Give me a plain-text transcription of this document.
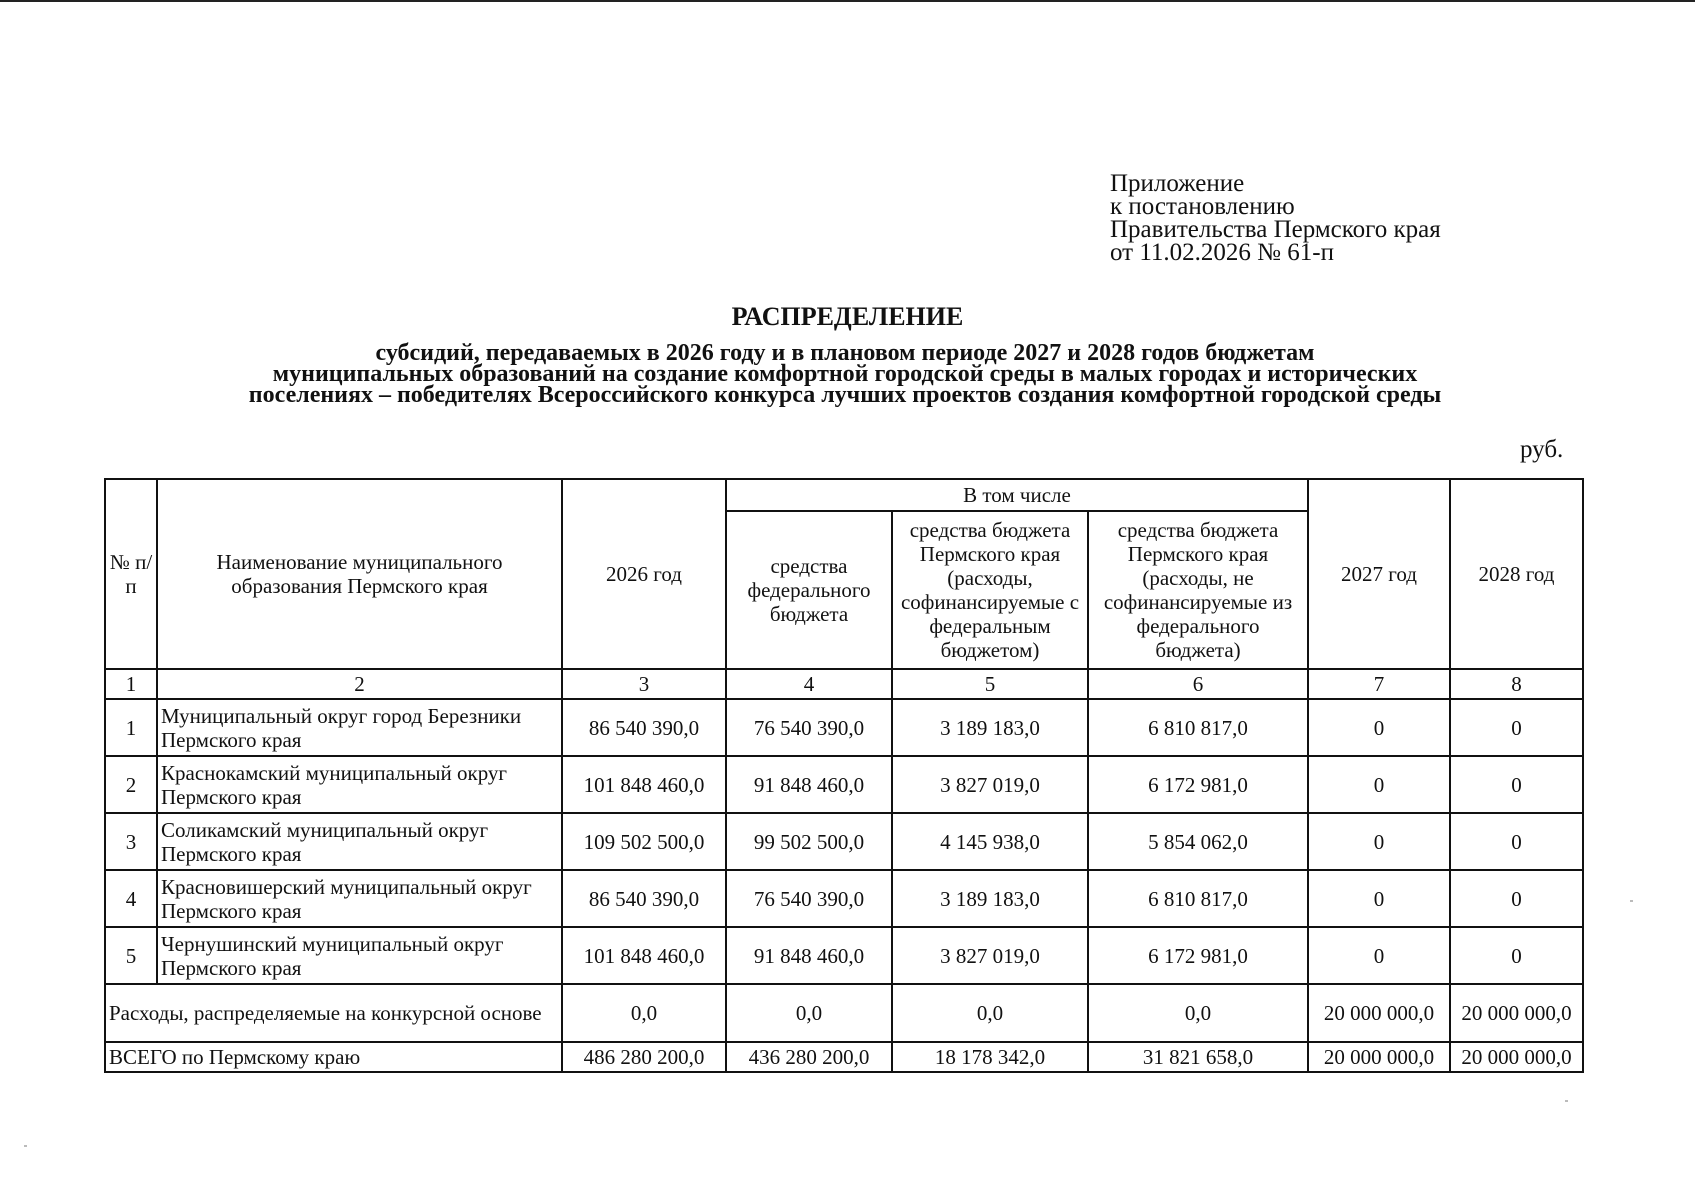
Приложение
к постановлению
Правительства Пермского края
от 11.02.2026 № 61-п
РАСПРЕДЕЛЕНИЕ
субсидий, передаваемых в 2026 году и в плановом периоде 2027 и 2028 годов бюджетам
муниципальных образований на создание комфортной городской среды в малых городах и исторических
поселениях – победителях Всероссийского конкурса лучших проектов создания комфортной городской среды
руб.
№ п/п	Наименование муниципального образования Пермского края	2026 год	В том числе			2027 год	2028 год
			средства федерального бюджета	средства бюджета Пермского края (расходы, софинансируемые с федеральным бюджетом)	средства бюджета Пермского края (расходы, не софинансируемые из федерального бюджета)		
1	2	3	4	5	6	7	8
1	Муниципальный округ город Березники Пермского края	86 540 390,0	76 540 390,0	3 189 183,0	6 810 817,0	0	0
2	Краснокамский муниципальный округ Пермского края	101 848 460,0	91 848 460,0	3 827 019,0	6 172 981,0	0	0
3	Соликамский муниципальный округ Пермского края	109 502 500,0	99 502 500,0	4 145 938,0	5 854 062,0	0	0
4	Красновишерский муниципальный округ Пермского края	86 540 390,0	76 540 390,0	3 189 183,0	6 810 817,0	0	0
5	Чернушинский муниципальный округ Пермского края	101 848 460,0	91 848 460,0	3 827 019,0	6 172 981,0	0	0
Расходы, распределяемые на конкурсной основе		0,0	0,0	0,0	0,0	20 000 000,0	20 000 000,0
ВСЕГО по Пермскому краю		486 280 200,0	436 280 200,0	18 178 342,0	31 821 658,0	20 000 000,0	20 000 000,0
